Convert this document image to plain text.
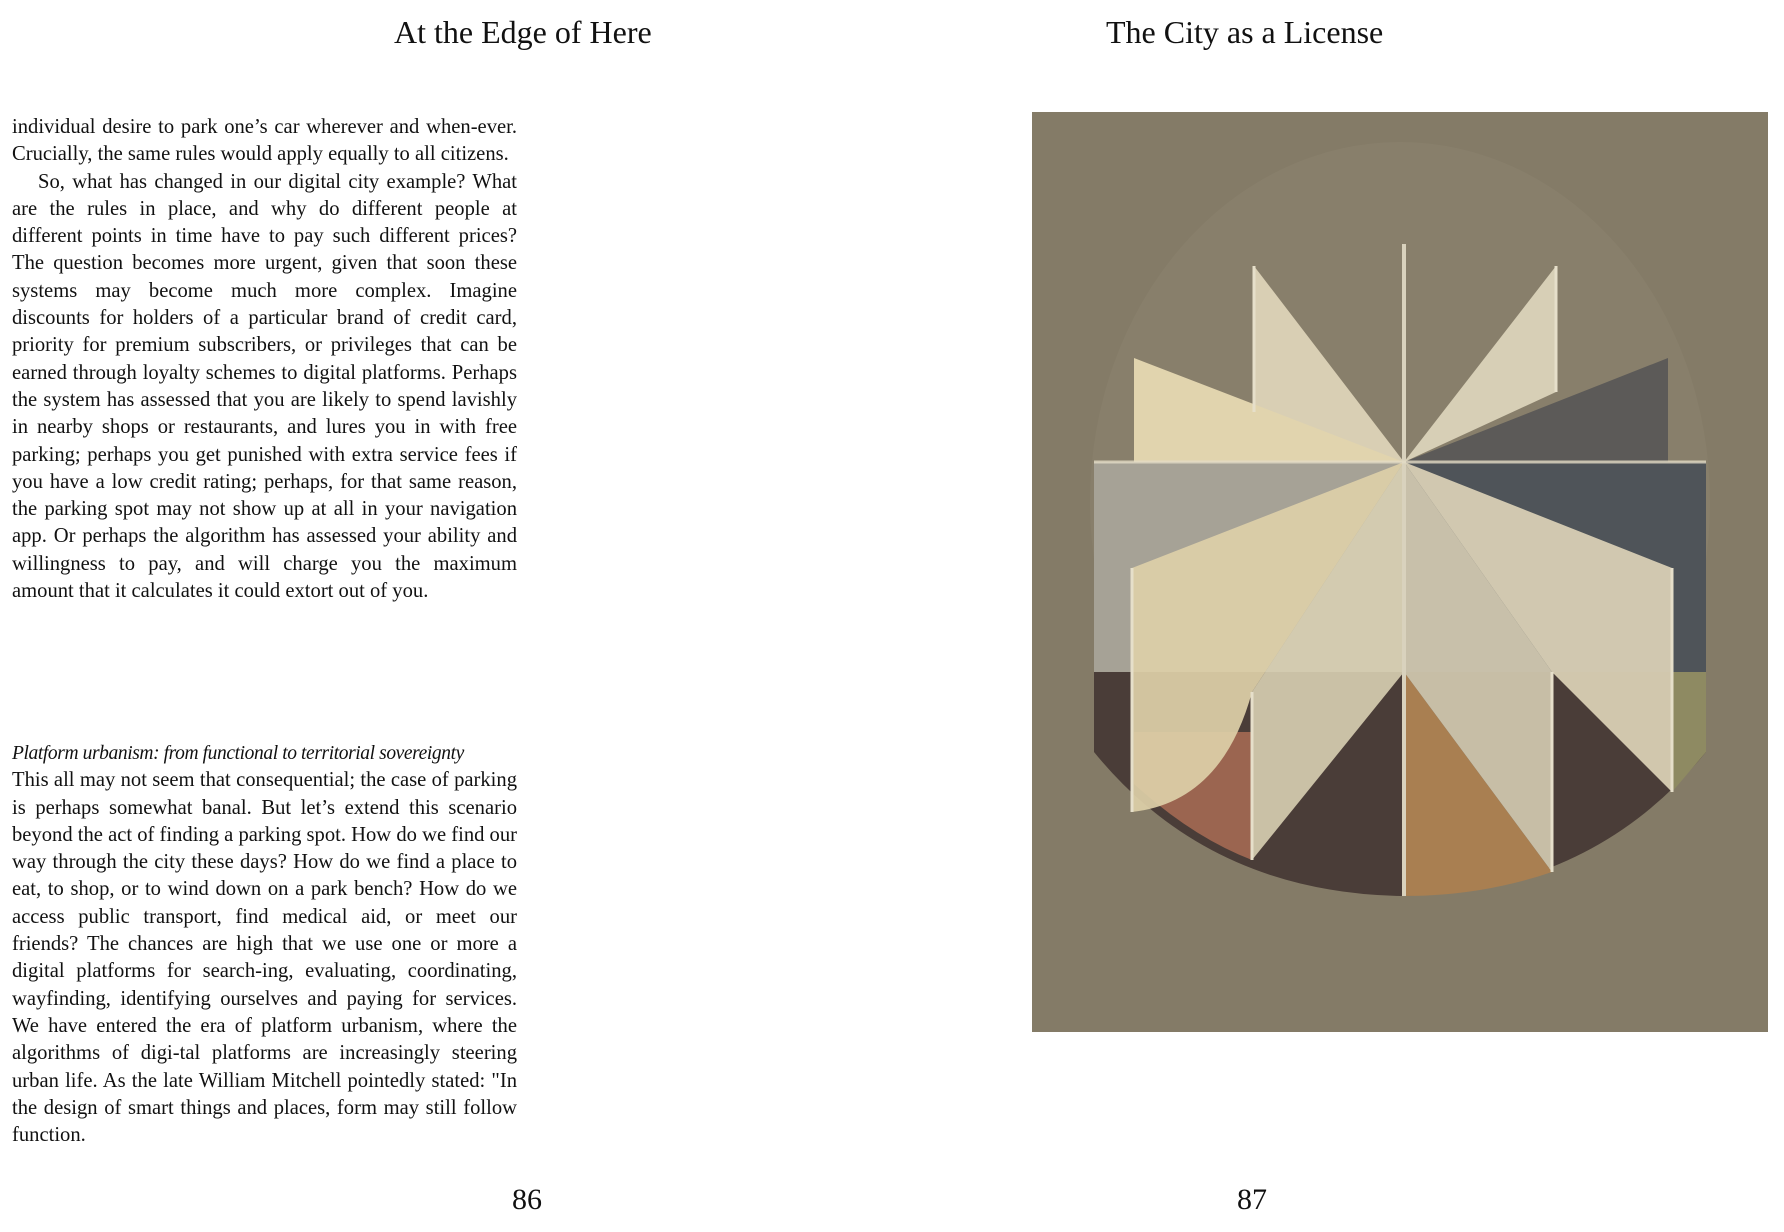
At the Edge of Here

individual desire to park one’s car wherever and when-ever. Crucially, the same rules would apply equally to all citizens.

So, what has changed in our digital city example? What are the rules in place, and why do different people at different points in time have to pay such different prices? The question becomes more urgent, given that soon these systems may become much more complex. Imagine discounts for holders of a particular brand of credit card, priority for premium subscribers, or privileges that can be earned through loyalty schemes to digital platforms. Perhaps the system has assessed that you are likely to spend lavishly in nearby shops or restaurants, and lures you in with free parking; perhaps you get punished with extra service fees if you have a low credit rating; perhaps, for that same reason, the parking spot may not show up at all in your navigation app. Or perhaps the algorithm has assessed your ability and willingness to pay, and will charge you the maximum amount that it calculates it could extort out of you.

Platform urbanism: from functional to territorial sovereignty

This all may not seem that consequential; the case of parking is perhaps somewhat banal. But let’s extend this scenario beyond the act of finding a parking spot. How do we find our way through the city these days? How do we find a place to eat, to shop, or to wind down on a park bench? How do we access public transport, find medical aid, or meet our friends? The chances are high that we use one or more a digital platforms for search-ing, evaluating, coordinating, wayfinding, identifying ourselves and paying for services. We have entered the era of platform urbanism, where the algorithms of digi-tal platforms are increasingly steering urban life. As the late William Mitchell pointedly stated: "In the design of smart things and places, form may still follow function.

86
The City as a License
87
